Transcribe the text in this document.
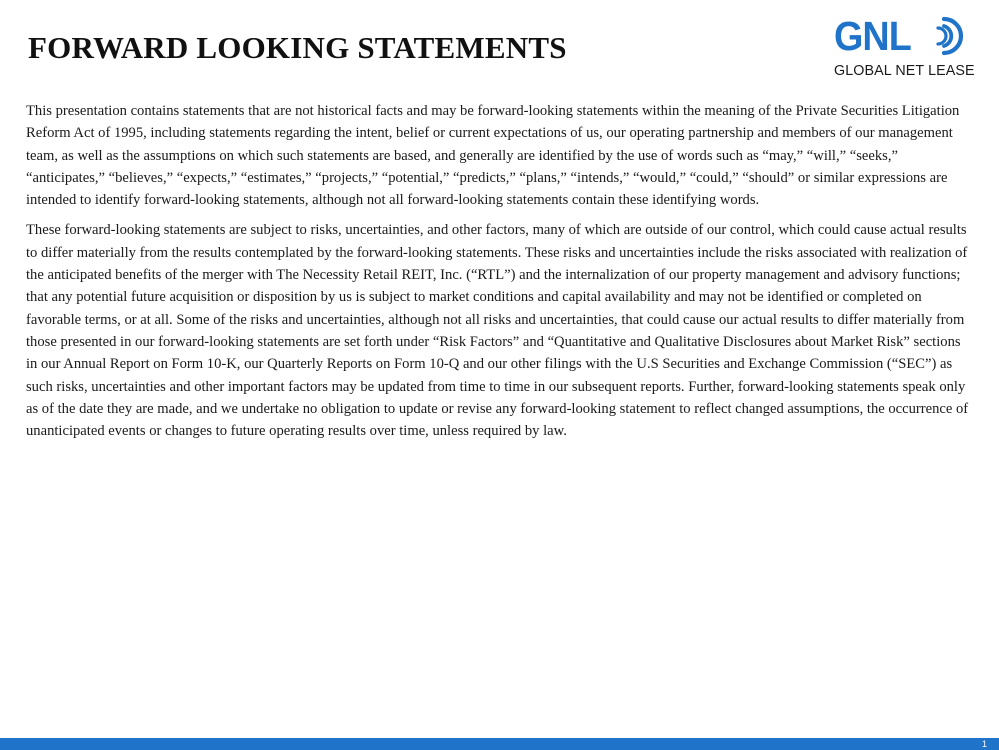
FORWARD LOOKING STATEMENTS	GNL
GLOBAL NET LEASE

This presentation contains statements that are not historical facts and may be forward-looking statements within the meaning of the Private Securities Litigation Reform Act of 1995, including statements regarding the intent, belief or current expectations of us, our operating partnership and members of our management team, as well as the assumptions on which such statements are based, and generally are identified by the use of words such as “may,” “will,” “seeks,” “anticipates,” “believes,” “expects,” “estimates,” “projects,” “potential,” “predicts,” “plans,” “intends,” “would,” “could,” “should” or similar expressions are intended to identify forward-looking statements, although not all forward-looking statements contain these identifying words.

These forward-looking statements are subject to risks, uncertainties, and other factors, many of which are outside of our control, which could cause actual results to differ materially from the results contemplated by the forward-looking statements. These risks and uncertainties include the risks associated with realization of the anticipated benefits of the merger with The Necessity Retail REIT, Inc. (“RTL”) and the internalization of our property management and advisory functions; that any potential future acquisition or disposition by us is subject to market conditions and capital availability and may not be identified or completed on favorable terms, or at all. Some of the risks and uncertainties, although not all risks and uncertainties, that could cause our actual results to differ materially from those presented in our forward-looking statements are set forth under “Risk Factors” and “Quantitative and Qualitative Disclosures about Market Risk” sections in our Annual Report on Form 10-K, our Quarterly Reports on Form 10-Q and our other filings with the U.S Securities and Exchange Commission (“SEC”) as such risks, uncertainties and other important factors may be updated from time to time in our subsequent reports. Further, forward-looking statements speak only as of the date they are made, and we undertake no obligation to update or revise any forward-looking statement to reflect changed assumptions, the occurrence of unanticipated events or changes to future operating results over time, unless required by law.

1
